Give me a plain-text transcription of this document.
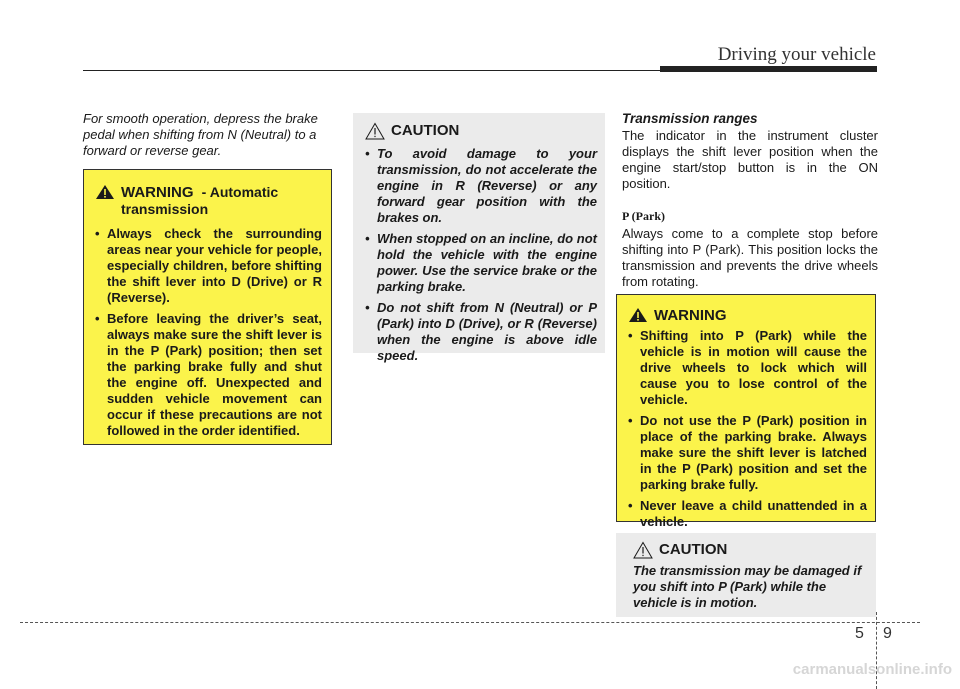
Driving your vehicle
For smooth operation, depress the brake pedal when shifting from N (Neutral) to a forward or reverse gear.
WARNING - Automatic transmission
• Always check the surrounding areas near your vehicle for people, especially children, before shifting the shift lever into D (Drive) or R (Reverse).
• Before leaving the driver’s seat, always make sure the shift lever is in the P (Park) position; then set the parking brake fully and shut the engine off. Unexpected and sudden vehicle movement can occur if these precautions are not followed in the order identified.
CAUTION
• To avoid damage to your transmission, do not accelerate the engine in R (Reverse) or any forward gear position with the brakes on.
• When stopped on an incline, do not hold the vehicle with the engine power. Use the service brake or the parking brake.
• Do not shift from N (Neutral) or P (Park) into D (Drive), or R (Reverse) when the engine is above idle speed.
Transmission ranges
The indicator in the instrument cluster displays the shift lever position when the engine start/stop button is in the ON position.
P (Park)
Always come to a complete stop before shifting into P (Park). This position locks the transmission and prevents the drive wheels from rotating.
WARNING
• Shifting into P (Park) while the vehicle is in motion will cause the drive wheels to lock which will cause you to lose control of the vehicle.
• Do not use the P (Park) position in place of the parking brake. Always make sure the shift lever is latched in the P (Park) position and set the parking brake fully.
• Never leave a child unattended in a vehicle.
CAUTION
The transmission may be damaged if you shift into P (Park) while the vehicle is in motion.
5 9
carmanualsonline.info
